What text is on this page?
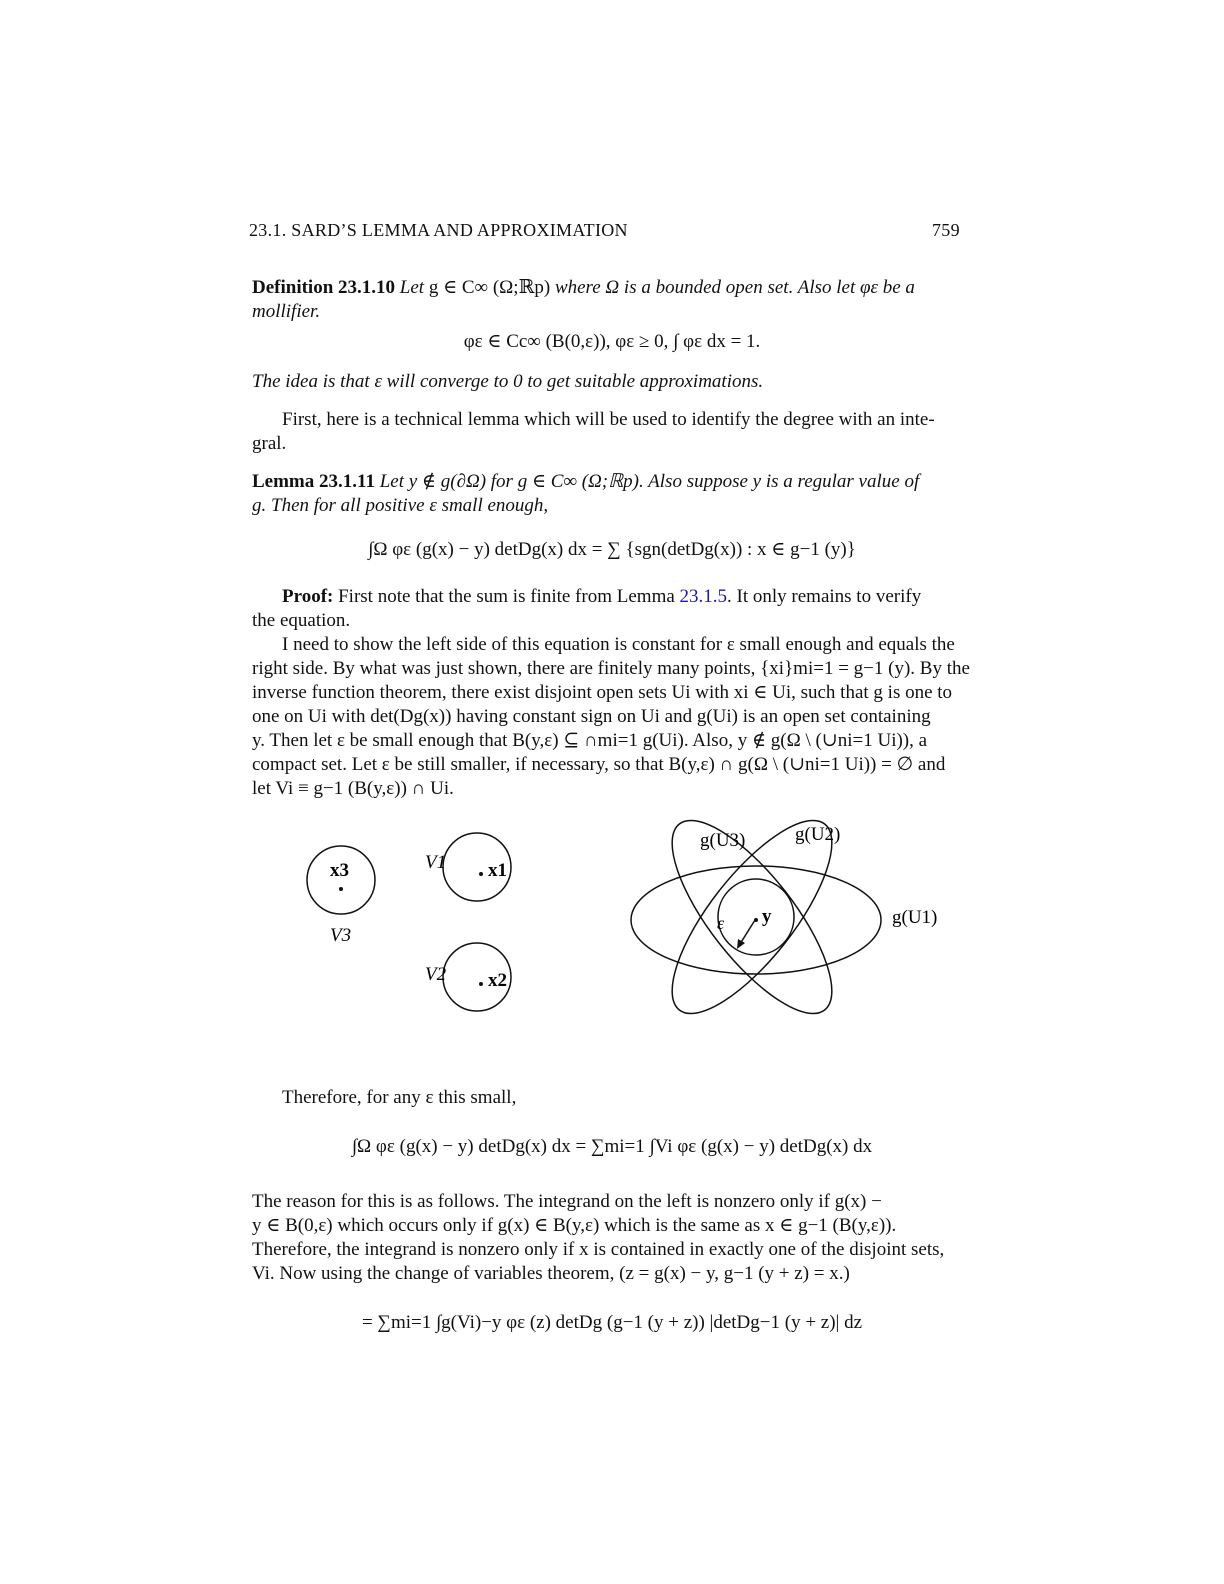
23.1. SARD’S LEMMA AND APPROXIMATION	759
Definition 23.1.10 Let g ∈ C∞ (Ω;ℝp) where Ω is a bounded open set. Also let φε be a
mollifier.
φε ∈ Cc∞ (B(0,ε)), φε ≥ 0, ∫ φε dx = 1.
The idea is that ε will converge to 0 to get suitable approximations.
First, here is a technical lemma which will be used to identify the degree with an inte-
gral.
Lemma 23.1.11 Let y ∉ g(∂Ω) for g ∈ C∞ (Ω;ℝp). Also suppose y is a regular value of
g. Then for all positive ε small enough,
∫Ω φε (g(x) − y) detDg(x) dx = ∑ {sgn(detDg(x)) : x ∈ g−1 (y)}
Proof: First note that the sum is finite from Lemma 23.1.5. It only remains to verify
the equation.
I need to show the left side of this equation is constant for ε small enough and equals the
right side. By what was just shown, there are finitely many points, {xi}mi=1 = g−1 (y). By the
inverse function theorem, there exist disjoint open sets Ui with xi ∈ Ui, such that g is one to
one on Ui with det(Dg(x)) having constant sign on Ui and g(Ui) is an open set containing
y. Then let ε be small enough that B(y,ε) ⊆ ∩mi=1 g(Ui). Also, y ∉ g(Ω \ (∪ni=1 Ui)), a
compact set. Let ε be still smaller, if necessary, so that B(y,ε) ∩ g(Ω \ (∪ni=1 Ui)) = ∅ and
let Vi ≡ g−1 (B(y,ε)) ∩ Ui.
x3
V3
x1
V1
x2
V2
ε y
g(U3)	g(U2)
g(U1)
Therefore, for any ε this small,
∫Ω φε (g(x) − y) detDg(x) dx = ∑mi=1 ∫Vi φε (g(x) − y) detDg(x) dx
The reason for this is as follows. The integrand on the left is nonzero only if g(x) −
y ∈ B(0,ε) which occurs only if g(x) ∈ B(y,ε) which is the same as x ∈ g−1 (B(y,ε)).
Therefore, the integrand is nonzero only if x is contained in exactly one of the disjoint sets,
Vi. Now using the change of variables theorem, (z = g(x) − y, g−1 (y + z) = x.)
= ∑mi=1 ∫g(Vi)−y φε (z) detDg (g−1 (y + z)) |detDg−1 (y + z)| dz
